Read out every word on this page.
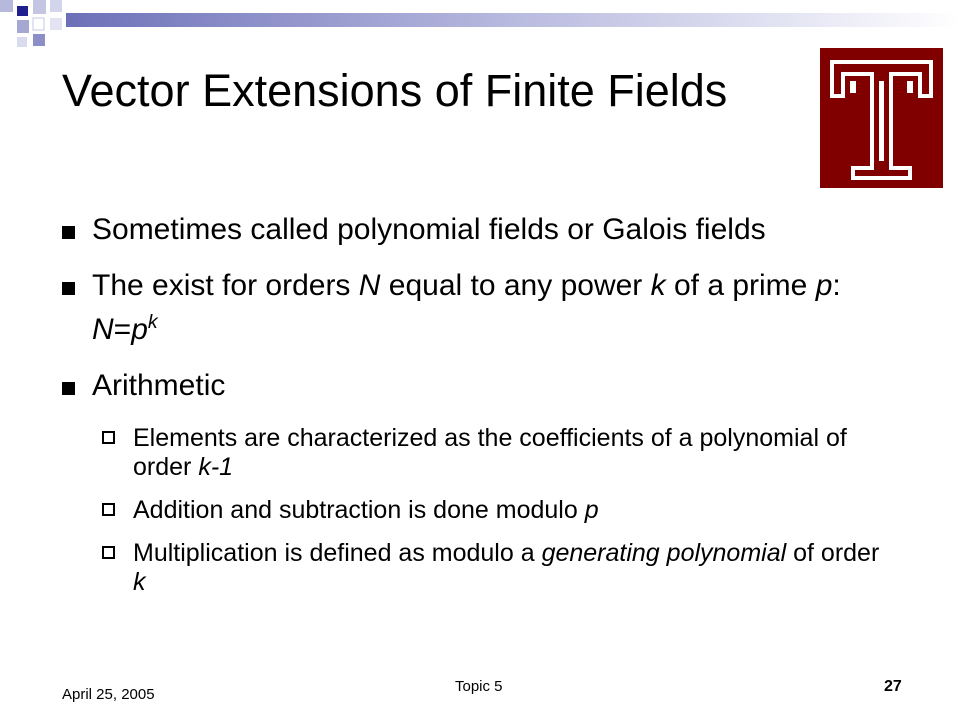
Vector Extensions of Finite Fields
Sometimes called polynomial fields or Galois fields
The exist for orders N equal to any power k of a prime p: $N=p^k$
Arithmetic
Elements are characterized as the coefficients of a polynomial of order k-1
Addition and subtraction is done modulo p
Multiplication is defined as modulo a generating polynomial of order k
April 25, 2005	Topic 5	27
